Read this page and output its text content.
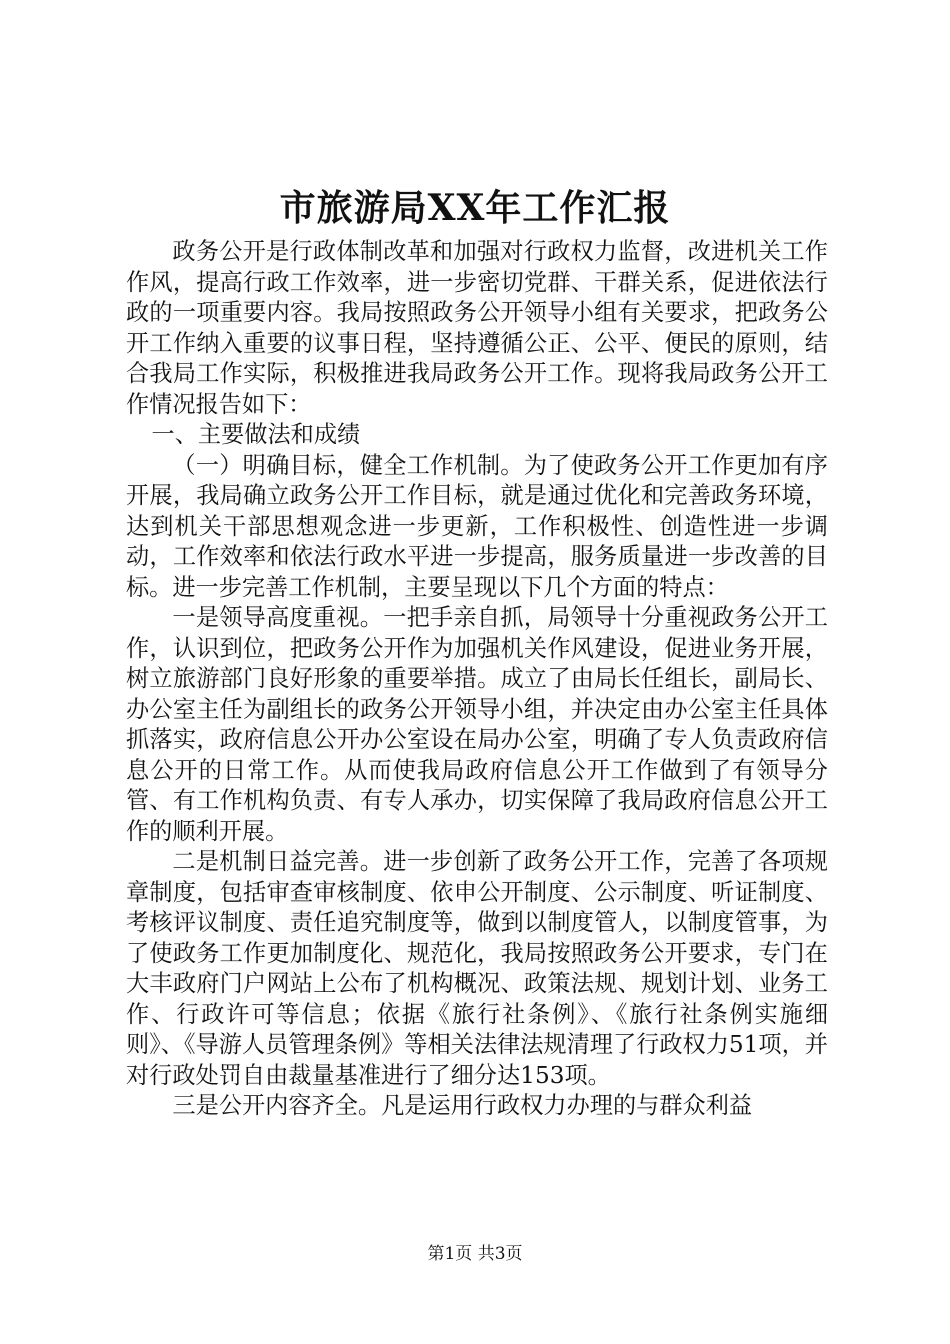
市旅游局XX年工作汇报

政务公开是行政体制改革和加强对行政权力监督，改进机关工作作风，提高行政工作效率，进一步密切党群、干群关系，促进依法行政的一项重要内容。我局按照政务公开领导小组有关要求，把政务公开工作纳入重要的议事日程，坚持遵循公正、公平、便民的原则，结合我局工作实际，积极推进我局政务公开工作。现将我局政务公开工作情况报告如下：

一、主要做法和成绩

（一）明确目标，健全工作机制。为了使政务公开工作更加有序开展，我局确立政务公开工作目标，就是通过优化和完善政务环境，达到机关干部思想观念进一步更新，工作积极性、创造性进一步调动，工作效率和依法行政水平进一步提高，服务质量进一步改善的目标。进一步完善工作机制，主要呈现以下几个方面的特点：

一是领导高度重视。一把手亲自抓，局领导十分重视政务公开工作，认识到位，把政务公开作为加强机关作风建设，促进业务开展，树立旅游部门良好形象的重要举措。成立了由局长任组长，副局长、办公室主任为副组长的政务公开领导小组，并决定由办公室主任具体抓落实，政府信息公开办公室设在局办公室，明确了专人负责政府信息公开的日常工作。从而使我局政府信息公开工作做到了有领导分管、有工作机构负责、有专人承办，切实保障了我局政府信息公开工作的顺利开展。

二是机制日益完善。进一步创新了政务公开工作，完善了各项规章制度，包括审查审核制度、依申公开制度、公示制度、听证制度、考核评议制度、责任追究制度等，做到以制度管人，以制度管事，为了使政务工作更加制度化、规范化，我局按照政务公开要求，专门在大丰政府门户网站上公布了机构概况、政策法规、规划计划、业务工作、行政许可等信息；依据《旅行社条例》、《旅行社条例实施细则》、《导游人员管理条例》等相关法律法规清理了行政权力51项，并对行政处罚自由裁量基准进行了细分达153项。

三是公开内容齐全。凡是运用行政权力办理的与群众利益

第1页 共3页
